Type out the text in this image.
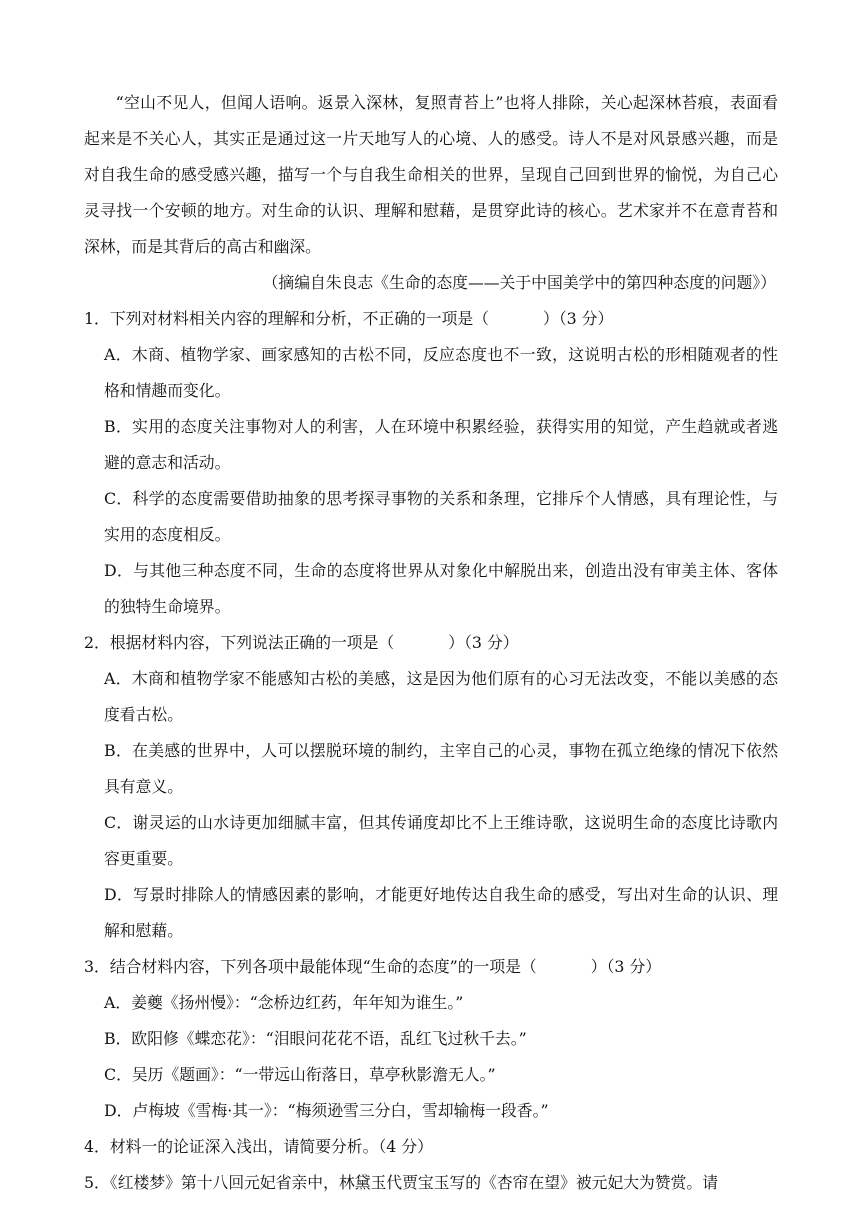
“空山不见人，但闻人语响。返景入深林，复照青苔上”也将人排除，关心起深林苔痕，表面看起来是不关心人，其实正是通过这一片天地写人的心境、人的感受。诗人不是对风景感兴趣，而是对自我生命的感受感兴趣，描写一个与自我生命相关的世界，呈现自己回到世界的愉悦，为自己心灵寻找一个安顿的地方。对生命的认识、理解和慰藉，是贯穿此诗的核心。艺术家并不在意青苔和深林，而是其背后的高古和幽深。

（摘编自朱良志《生命的态度——关于中国美学中的第四种态度的问题》）

1．下列对材料相关内容的理解和分析，不正确的一项是（	）（3 分）

A．木商、植物学家、画家感知的古松不同，反应态度也不一致，这说明古松的形相随观者的性格和情趣而变化。

B．实用的态度关注事物对人的利害，人在环境中积累经验，获得实用的知觉，产生趋就或者逃避的意志和活动。

C．科学的态度需要借助抽象的思考探寻事物的关系和条理，它排斥个人情感，具有理论性，与实用的态度相反。

D．与其他三种态度不同，生命的态度将世界从对象化中解脱出来，创造出没有审美主体、客体的独特生命境界。

2．根据材料内容，下列说法正确的一项是（	）（3 分）

A．木商和植物学家不能感知古松的美感，这是因为他们原有的心习无法改变，不能以美感的态度看古松。

B．在美感的世界中，人可以摆脱环境的制约，主宰自己的心灵，事物在孤立绝缘的情况下依然具有意义。

C．谢灵运的山水诗更加细腻丰富，但其传诵度却比不上王维诗歌，这说明生命的态度比诗歌内容更重要。

D．写景时排除人的情感因素的影响，才能更好地传达自我生命的感受，写出对生命的认识、理解和慰藉。

3．结合材料内容，下列各项中最能体现“生命的态度”的一项是（	）（3 分）

A．姜夔《扬州慢》：“念桥边红药，年年知为谁生。”

B．欧阳修《蝶恋花》：“泪眼问花花不语，乱红飞过秋千去。”

C．吴历《题画》：“一带远山衔落日，草亭秋影澹无人。”

D．卢梅坡《雪梅·其一》：“梅须逊雪三分白，雪却输梅一段香。”

4．材料一的论证深入浅出，请简要分析。（4 分）

5．《红楼梦》第十八回元妃省亲中，林黛玉代贾宝玉写的《杏帘在望》被元妃大为赞赏。请
